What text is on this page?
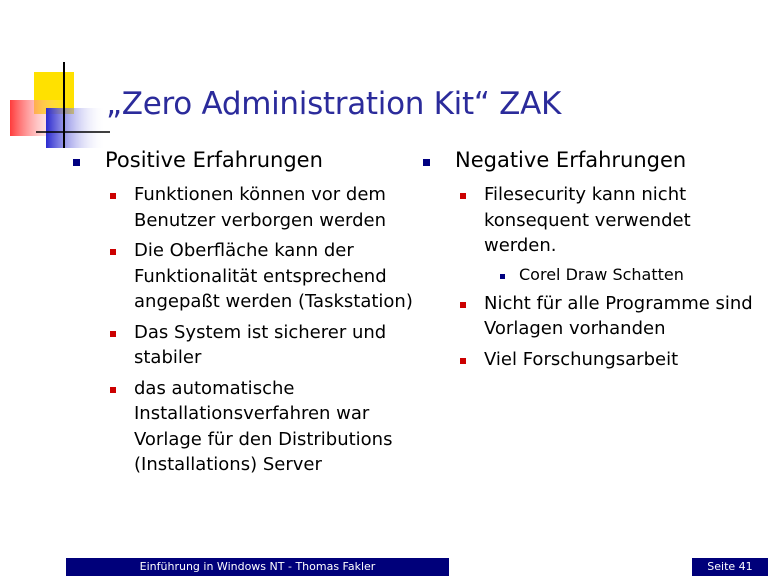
„Zero Administration Kit“ ZAK
Positive Erfahrungen
Funktionen können vor dem Benutzer verborgen werden
Die Oberfläche kann der Funktionalität entsprechend angepaßt werden (Taskstation)
Das System ist sicherer und stabiler
das automatische Installationsverfahren war Vorlage für den Distributions (Installations) Server
Negative Erfahrungen
Filesecurity kann nicht konsequent verwendet werden.
Corel Draw Schatten
Nicht für alle Programme sind Vorlagen vorhanden
Viel Forschungsarbeit
Einführung in Windows NT - Thomas Fakler	Seite 41
